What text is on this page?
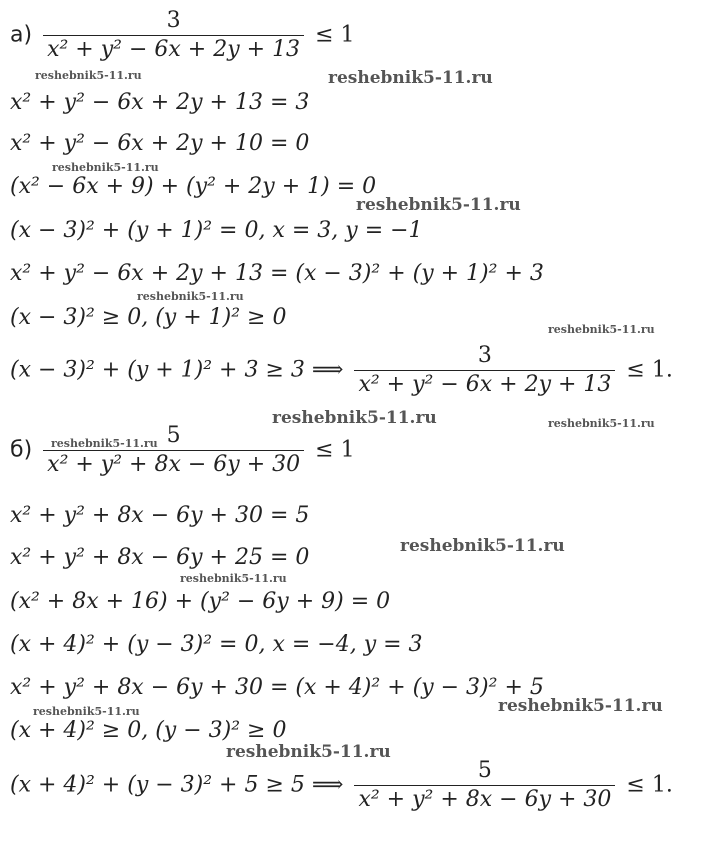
$а) \frac{3}{\text{x² + y² − 6x + 2y + 13}} \le 1$
x² + y² − 6x + 2y + 13 = 3
x² + y² − 6x + 2y + 10 = 0
(x² − 6x + 9) + (y² + 2y + 1) = 0
(x − 3)² + (y + 1)² = 0, x = 3, y = −1
x² + y² − 6x + 2y + 13 = (x − 3)² + (y + 1)² + 3
(x − 3)² ≥ 0, (y + 1)² ≥ 0
(x − 3)² + (y + 1)² + 3 ≥ 3 ⟹ $\frac{3}{\text{x² + y² − 6x + 2y + 13}} \le 1$.
$б) \frac{5}{\text{x² + y² + 8x − 6y + 30}} \le 1$
x² + y² + 8x − 6y + 30 = 5
x² + y² + 8x − 6y + 25 = 0
(x² + 8x + 16) + (y² − 6y + 9) = 0
(x + 4)² + (y − 3)² = 0, x = −4, y = 3
x² + y² + 8x − 6y + 30 = (x + 4)² + (y − 3)² + 5
(x + 4)² ≥ 0, (y − 3)² ≥ 0
(x + 4)² + (y − 3)² + 5 ≥ 5 ⟹ $\frac{5}{\text{x² + y² + 8x − 6y + 30}} \le 1$.
reshebnik5-11.ru	reshebnik5-11.ru
reshebnik5-11.ru
reshebnik5-11.ru
reshebnik5-11.ru
reshebnik5-11.ru
reshebnik5-11.ru	reshebnik5-11.ru
reshebnik5-11.ru
reshebnik5-11.ru
reshebnik5-11.ru
reshebnik5-11.ru
reshebnik5-11.ru
reshebnik5-11.ru
